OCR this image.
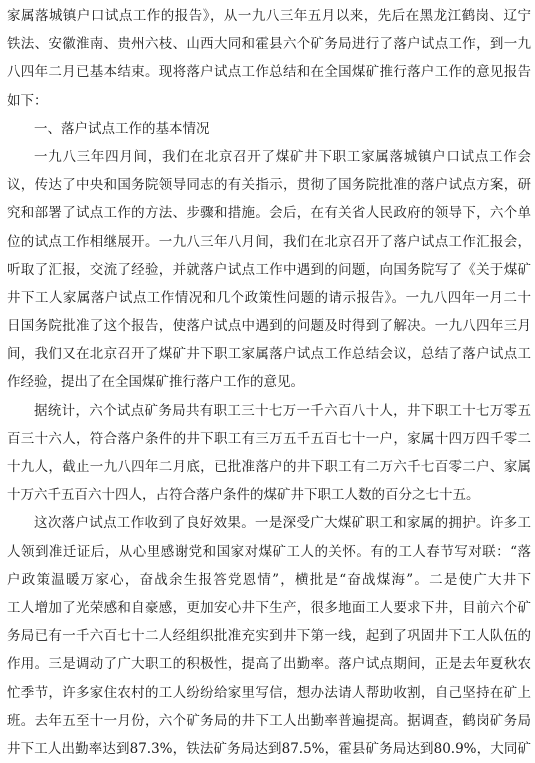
家属落城镇户口试点工作的报告》，从一九八三年五月以来，先后在黑龙江鹤岗、辽宁
铁法、安徽淮南、贵州六枝、山西大同和霍县六个矿务局进行了落户试点工作，到一九
八四年二月已基本结束。现将落户试点工作总结和在全国煤矿推行落户工作的意见报告
如下：
一、落户试点工作的基本情况
一九八三年四月间，我们在北京召开了煤矿井下职工家属落城镇户口试点工作会
议，传达了中央和国务院领导同志的有关指示，贯彻了国务院批准的落户试点方案，研
究和部署了试点工作的方法、步骤和措施。会后，在有关省人民政府的领导下，六个单
位的试点工作相继展开。一九八三年八月间，我们在北京召开了落户试点工作汇报会，
听取了汇报，交流了经验，并就落户试点工作中遇到的问题，向国务院写了《关于煤矿
井下工人家属落户试点工作情况和几个政策性问题的请示报告》。一九八四年一月二十
日国务院批准了这个报告，使落户试点中遇到的问题及时得到了解决。一九八四年三月
间，我们又在北京召开了煤矿井下职工家属落户试点工作总结会议，总结了落户试点工
作经验，提出了在全国煤矿推行落户工作的意见。
据统计，六个试点矿务局共有职工三十七万一千六百八十人，井下职工十七万零五
百三十六人，符合落户条件的井下职工有三万五千五百七十一户，家属十四万四千零二
十九人，截止一九八四年二月底，已批准落户的井下职工有二万六千七百零二户、家属
十万六千五百六十四人，占符合落户条件的煤矿井下职工人数的百分之七十五。
这次落户试点工作收到了良好效果。一是深受广大煤矿职工和家属的拥护。许多工
人领到准迁证后，从心里感谢党和国家对煤矿工人的关怀。有的工人春节写对联：“落
户政策温暖万家心，奋战余生报答党恩情”，横批是“奋战煤海”。二是使广大井下
工人增加了光荣感和自豪感，更加安心井下生产，很多地面工人要求下井，目前六个矿
务局已有一千六百七十二人经组织批准充实到井下第一线，起到了巩固井下工人队伍的
作用。三是调动了广大职工的积极性，提高了出勤率。落户试点期间，正是去年夏秋农
忙季节，许多家住农村的工人纷纷给家里写信，想办法请人帮助收割，自己坚持在矿上
班。去年五至十一月份，六个矿务局的井下工人出勤率普遍提高。据调查，鹤岗矿务局
井下工人出勤率达到87.3%，铁法矿务局达到87.5%，霍县矿务局达到80.9%，大同矿
